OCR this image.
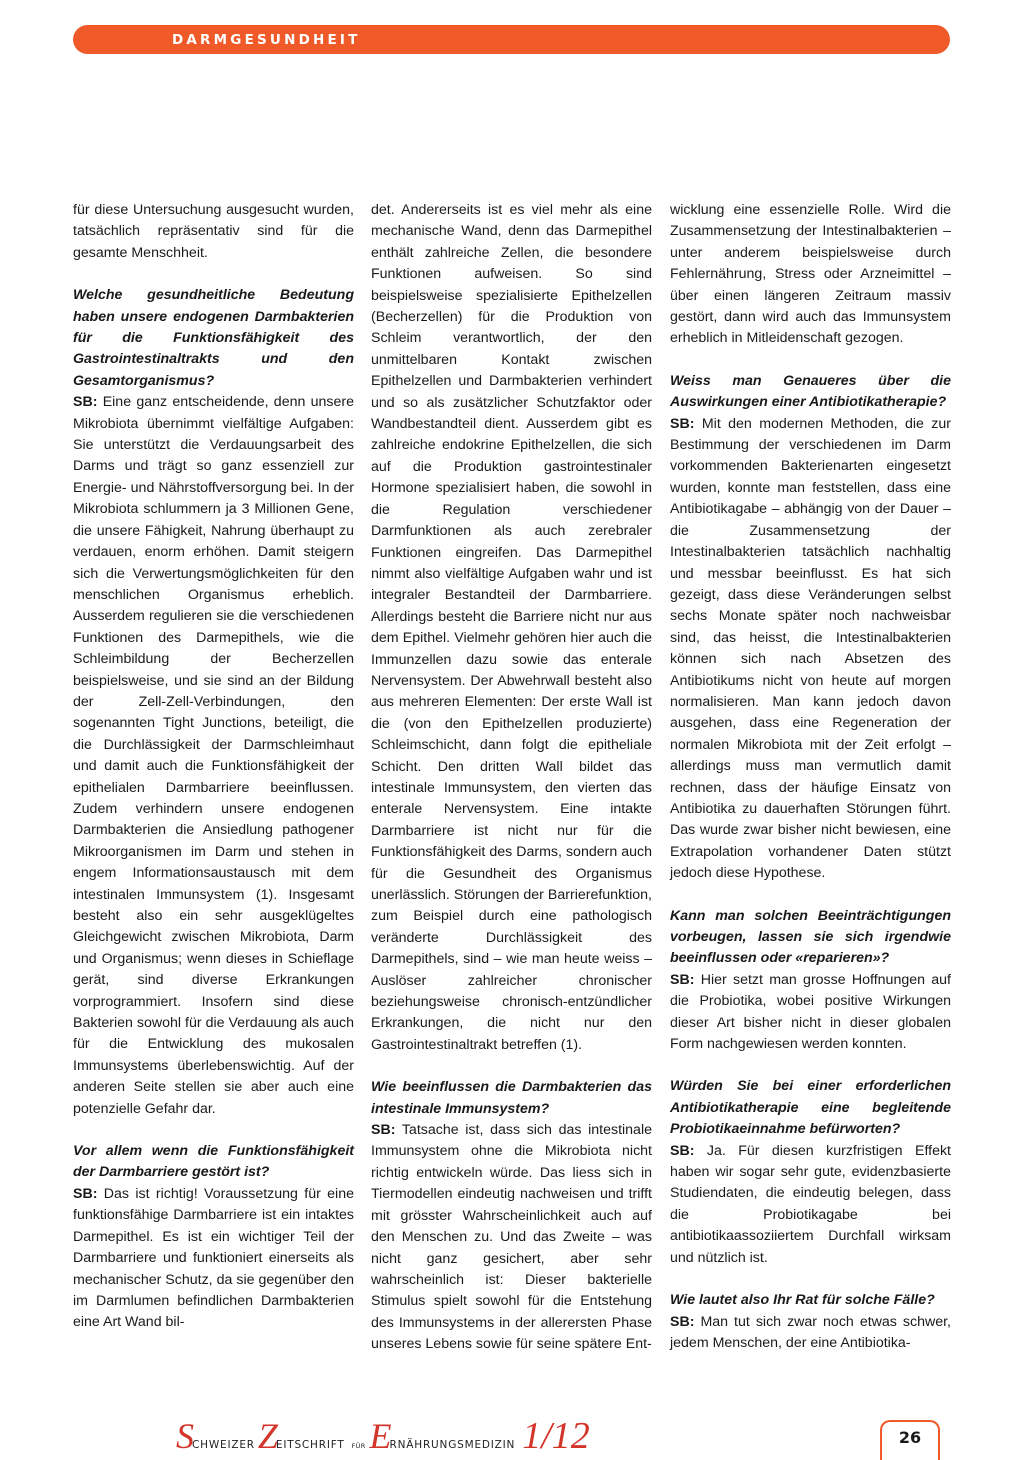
DARMGESUNDHEIT

für diese Untersuchung ausgesucht wurden, tatsächlich repräsentativ sind für die gesamte Menschheit.

Welche gesundheitliche Bedeutung haben unsere endogenen Darmbakterien für die Funktionsfähigkeit des Gastrointestinaltrakts und den Gesamtorganismus?

SB: Eine ganz entscheidende, denn unsere Mikrobiota übernimmt vielfältige Aufgaben: Sie unterstützt die Verdauungsarbeit des Darms und trägt so ganz essenziell zur Energie- und Nährstoffversorgung bei. In der Mikrobiota schlummern ja 3 Millionen Gene, die unsere Fähigkeit, Nahrung überhaupt zu verdauen, enorm erhöhen. Damit steigern sich die Verwertungsmöglichkeiten für den menschlichen Organismus erheblich. Ausserdem regulieren sie die verschiedenen Funktionen des Darmepithels, wie die Schleimbildung der Becherzellen beispielsweise, und sie sind an der Bildung der Zell-Zell-Verbindungen, den sogenannten Tight Junctions, beteiligt, die die Durchlässigkeit der Darmschleimhaut und damit auch die Funktionsfähigkeit der epithelialen Darmbarriere beeinflussen. Zudem verhindern unsere endogenen Darmbakterien die Ansiedlung pathogener Mikroorganismen im Darm und stehen in engem Informationsaustausch mit dem intestinalen Immunsystem (1). Insgesamt besteht also ein sehr ausgeklügeltes Gleichgewicht zwischen Mikrobiota, Darm und Organismus; wenn dieses in Schieflage gerät, sind diverse Erkrankungen vorprogrammiert. Insofern sind diese Bakterien sowohl für die Verdauung als auch für die Entwicklung des mukosalen Immunsystems überlebenswichtig. Auf der anderen Seite stellen sie aber auch eine potenzielle Gefahr dar.

Vor allem wenn die Funktionsfähigkeit der Darmbarriere gestört ist?

SB: Das ist richtig! Voraussetzung für eine funktionsfähige Darmbarriere ist ein intaktes Darmepithel. Es ist ein wichtiger Teil der Darmbarriere und funktioniert einerseits als mechanischer Schutz, da sie gegenüber den im Darmlumen befindlichen Darmbakterien eine Art Wand bil-

det. Andererseits ist es viel mehr als eine mechanische Wand, denn das Darmepithel enthält zahlreiche Zellen, die besondere Funktionen aufweisen. So sind beispielsweise spezialisierte Epithelzellen (Becherzellen) für die Produktion von Schleim verantwortlich, der den unmittelbaren Kontakt zwischen Epithelzellen und Darmbakterien verhindert und so als zusätzlicher Schutzfaktor oder Wandbestandteil dient. Ausserdem gibt es zahlreiche endokrine Epithelzellen, die sich auf die Produktion gastrointestinaler Hormone spezialisiert haben, die sowohl in die Regulation verschiedener Darmfunktionen als auch zerebraler Funktionen eingreifen. Das Darmepithel nimmt also vielfältige Aufgaben wahr und ist integraler Bestandteil der Darmbarriere. Allerdings besteht die Barriere nicht nur aus dem Epithel. Vielmehr gehören hier auch die Immunzellen dazu sowie das enterale Nervensystem. Der Abwehrwall besteht also aus mehreren Elementen: Der erste Wall ist die (von den Epithelzellen produzierte) Schleimschicht, dann folgt die epitheliale Schicht. Den dritten Wall bildet das intestinale Immunsystem, den vierten das enterale Nervensystem. Eine intakte Darmbarriere ist nicht nur für die Funktionsfähigkeit des Darms, sondern auch für die Gesundheit des Organismus unerlässlich. Störungen der Barrierefunktion, zum Beispiel durch eine pathologisch veränderte Durchlässigkeit des Darmepithels, sind – wie man heute weiss – Auslöser zahlreicher chronischer beziehungsweise chronisch-entzündlicher Erkrankungen, die nicht nur den Gastrointestinaltrakt betreffen (1).

Wie beeinflussen die Darmbakterien das intestinale Immunsystem?

SB: Tatsache ist, dass sich das intestinale Immunsystem ohne die Mikrobiota nicht richtig entwickeln würde. Das liess sich in Tiermodellen eindeutig nachweisen und trifft mit grösster Wahrscheinlichkeit auch auf den Menschen zu. Und das Zweite – was nicht ganz gesichert, aber sehr wahrscheinlich ist: Dieser bakterielle Stimulus spielt sowohl für die Entstehung des Immunsystems in der allerersten Phase unseres Lebens sowie für seine spätere Ent-

wicklung eine essenzielle Rolle. Wird die Zusammensetzung der Intestinalbakterien – unter anderem beispielsweise durch Fehlernährung, Stress oder Arzneimittel – über einen längeren Zeitraum massiv gestört, dann wird auch das Immunsystem erheblich in Mitleidenschaft gezogen.

Weiss man Genaueres über die Auswirkungen einer Antibiotikatherapie?

SB: Mit den modernen Methoden, die zur Bestimmung der verschiedenen im Darm vorkommenden Bakterienarten eingesetzt wurden, konnte man feststellen, dass eine Antibiotikagabe – abhängig von der Dauer – die Zusammensetzung der Intestinalbakterien tatsächlich nachhaltig und messbar beeinflusst. Es hat sich gezeigt, dass diese Veränderungen selbst sechs Monate später noch nachweisbar sind, das heisst, die Intestinalbakterien können sich nach Absetzen des Antibiotikums nicht von heute auf morgen normalisieren. Man kann jedoch davon ausgehen, dass eine Regeneration der normalen Mikrobiota mit der Zeit erfolgt – allerdings muss man vermutlich damit rechnen, dass der häufige Einsatz von Antibiotika zu dauerhaften Störungen führt. Das wurde zwar bisher nicht bewiesen, eine Extrapolation vorhandener Daten stützt jedoch diese Hypothese.

Kann man solchen Beeinträchtigungen vorbeugen, lassen sie sich irgendwie beeinflussen oder «reparieren»?

SB: Hier setzt man grosse Hoffnungen auf die Probiotika, wobei positive Wirkungen dieser Art bisher nicht in dieser globalen Form nachgewiesen werden konnten.

Würden Sie bei einer erforderlichen Antibiotikatherapie eine begleitende Probiotikaeinnahme befürworten?

SB: Ja. Für diesen kurzfristigen Effekt haben wir sogar sehr gute, evidenzbasierte Studiendaten, die eindeutig belegen, dass die Probiotikagabe bei antibiotikaassoziiertem Durchfall wirksam und nützlich ist.

Wie lautet also Ihr Rat für solche Fälle?

SB: Man tut sich zwar noch etwas schwer, jedem Menschen, der eine Antibiotika-

S
CHWEIZER Z
EITSCHRIFT FÜR E
RNÄHRUNGSMEDIZIN 1/12	26
